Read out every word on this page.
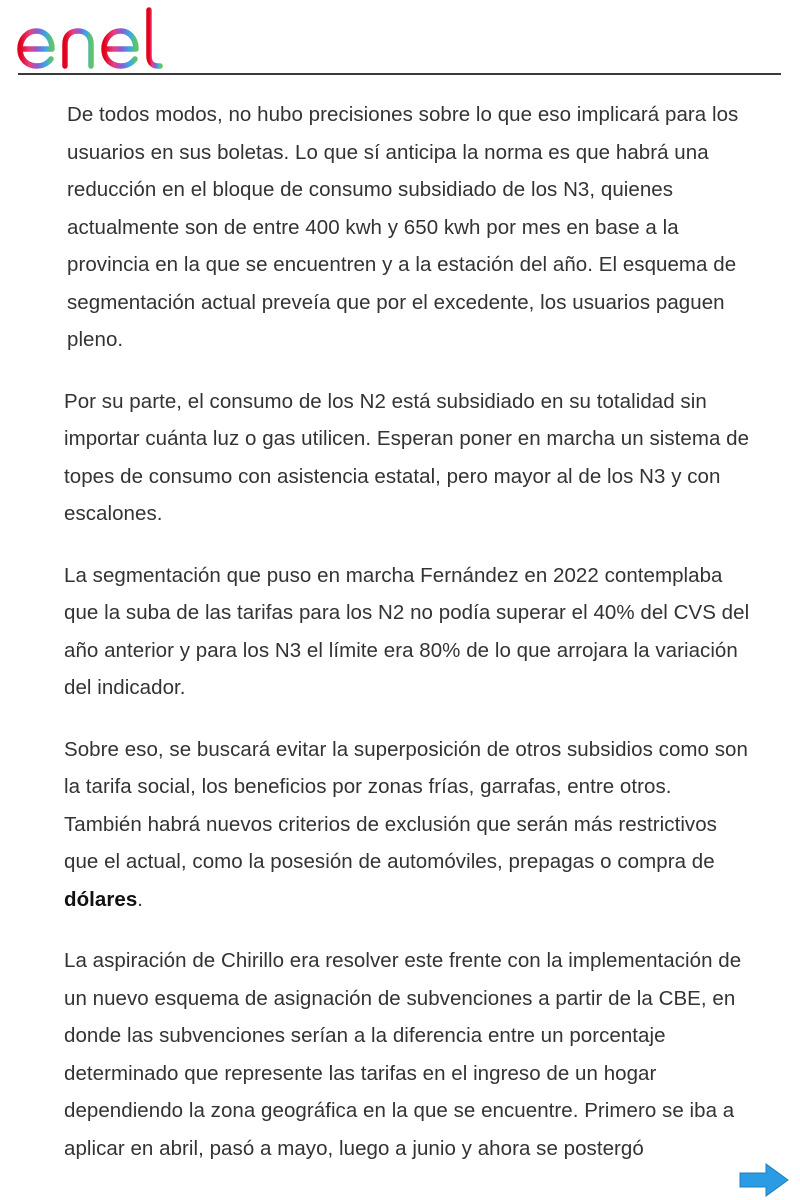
De todos modos, no hubo precisiones sobre lo que eso implicará para los usuarios en sus boletas. Lo que sí anticipa la norma es que habrá una reducción en el bloque de consumo subsidiado de los N3, quienes actualmente son de entre 400 kwh y 650 kwh por mes en base a la provincia en la que se encuentren y a la estación del año. El esquema de segmentación actual preveía que por el excedente, los usuarios paguen pleno.

Por su parte, el consumo de los N2 está subsidiado en su totalidad sin importar cuánta luz o gas utilicen. Esperan poner en marcha un sistema de topes de consumo con asistencia estatal, pero mayor al de los N3 y con escalones.

La segmentación que puso en marcha Fernández en 2022 contemplaba que la suba de las tarifas para los N2 no podía superar el 40% del CVS del año anterior y para los N3 el límite era 80% de lo que arrojara la variación del indicador.

Sobre eso, se buscará evitar la superposición de otros subsidios como son la tarifa social, los beneficios por zonas frías, garrafas, entre otros. También habrá nuevos criterios de exclusión que serán más restrictivos que el actual, como la posesión de automóviles, prepagas o compra de dólares.

La aspiración de Chirillo era resolver este frente con la implementación de un nuevo esquema de asignación de subvenciones a partir de la CBE, en donde las subvenciones serían a la diferencia entre un porcentaje determinado que represente las tarifas en el ingreso de un hogar dependiendo la zona geográfica en la que se encuentre. Primero se iba a aplicar en abril, pasó a mayo, luego a junio y ahora se postergó
